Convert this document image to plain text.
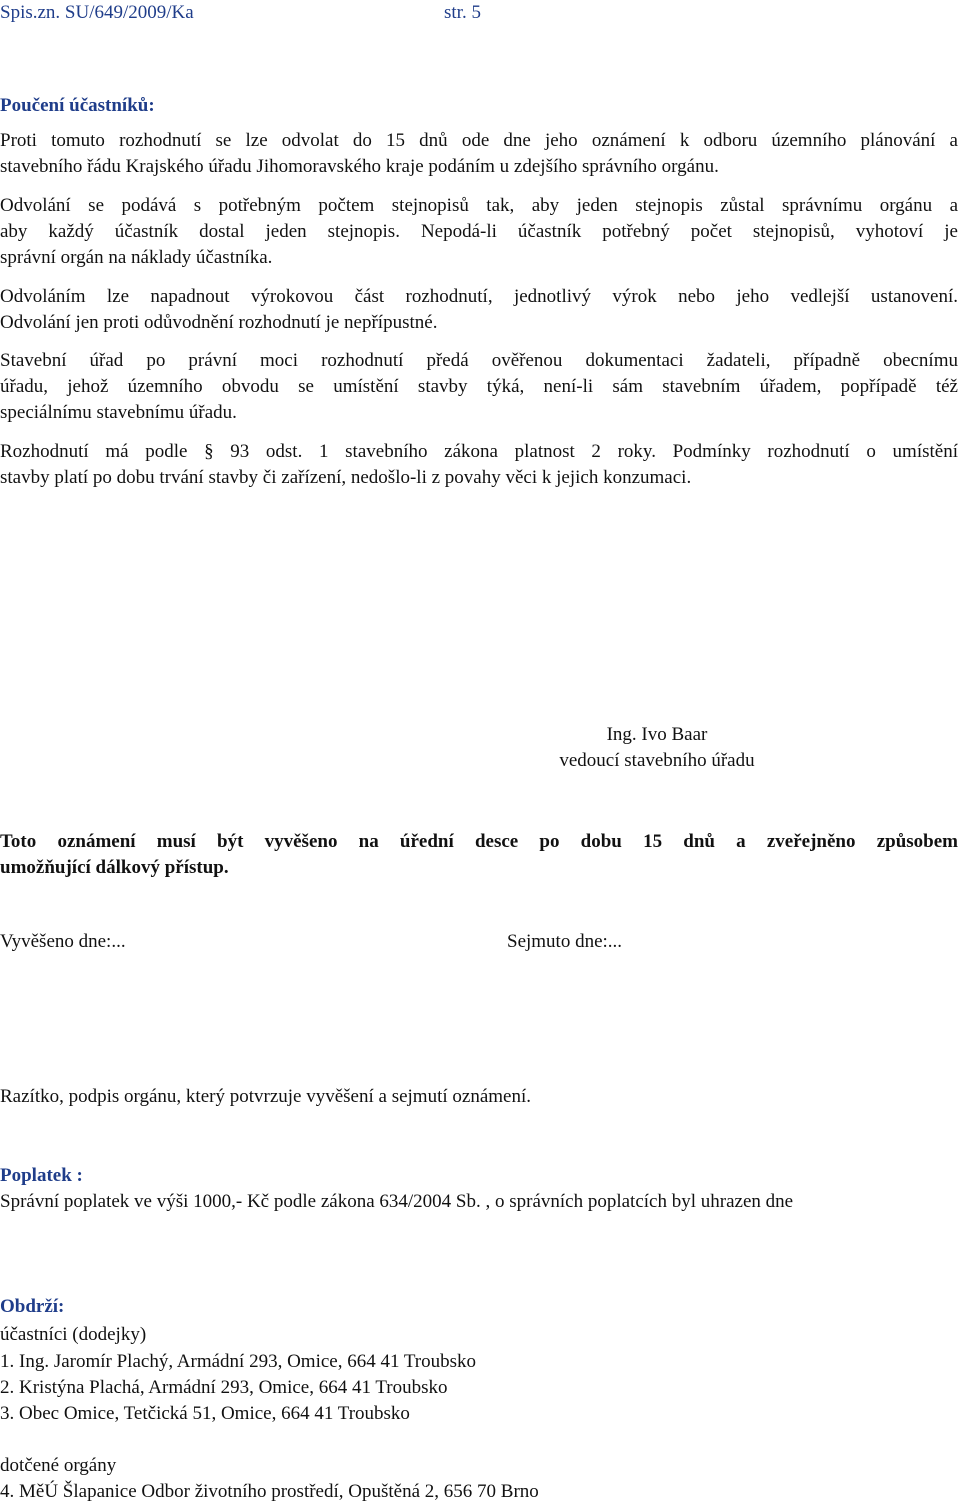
Spis.zn. SU/649/2009/Ka	str. 5
Poučení účastníků:
Proti tomuto rozhodnutí se lze odvolat do 15 dnů ode dne jeho oznámení k odboru územního plánování a
stavebního řádu Krajského úřadu Jihomoravského kraje podáním u zdejšího správního orgánu.
Odvolání se podává s potřebným počtem stejnopisů tak, aby jeden stejnopis zůstal správnímu orgánu a
aby každý účastník dostal jeden stejnopis. Nepodá-li účastník potřebný počet stejnopisů, vyhotoví je
správní orgán na náklady účastníka.
Odvoláním lze napadnout výrokovou část rozhodnutí, jednotlivý výrok nebo jeho vedlejší ustanovení.
Odvolání jen proti odůvodnění rozhodnutí je nepřípustné.
Stavební úřad po právní moci rozhodnutí předá ověřenou dokumentaci žadateli, případně obecnímu
úřadu, jehož územního obvodu se umístění stavby týká, není-li sám stavebním úřadem, popřípadě též
speciálnímu stavebnímu úřadu.
Rozhodnutí má podle § 93 odst. 1 stavebního zákona platnost 2 roky. Podmínky rozhodnutí o umístění
stavby platí po dobu trvání stavby či zařízení, nedošlo-li z povahy věci k jejich konzumaci.
Ing. Ivo Baar
vedoucí stavebního úřadu
Toto oznámení musí být vyvěšeno na úřední desce po dobu 15 dnů a zveřejněno způsobem
umožňující dálkový přístup.
Vyvěšeno dne:...	Sejmuto dne:...
Razítko, podpis orgánu, který potvrzuje vyvěšení a sejmutí oznámení.
Poplatek :
Správní poplatek ve výši 1000,- Kč podle zákona 634/2004 Sb. , o správních poplatcích byl uhrazen dne
Obdrží:
účastníci (dodejky)
1. Ing. Jaromír Plachý, Armádní 293, Omice, 664 41 Troubsko
2. Kristýna Plachá, Armádní 293, Omice, 664 41 Troubsko
3. Obec Omice, Tetčická 51, Omice, 664 41 Troubsko
dotčené orgány
4. MěÚ Šlapanice Odbor životního prostředí, Opuštěná 2, 656 70 Brno
